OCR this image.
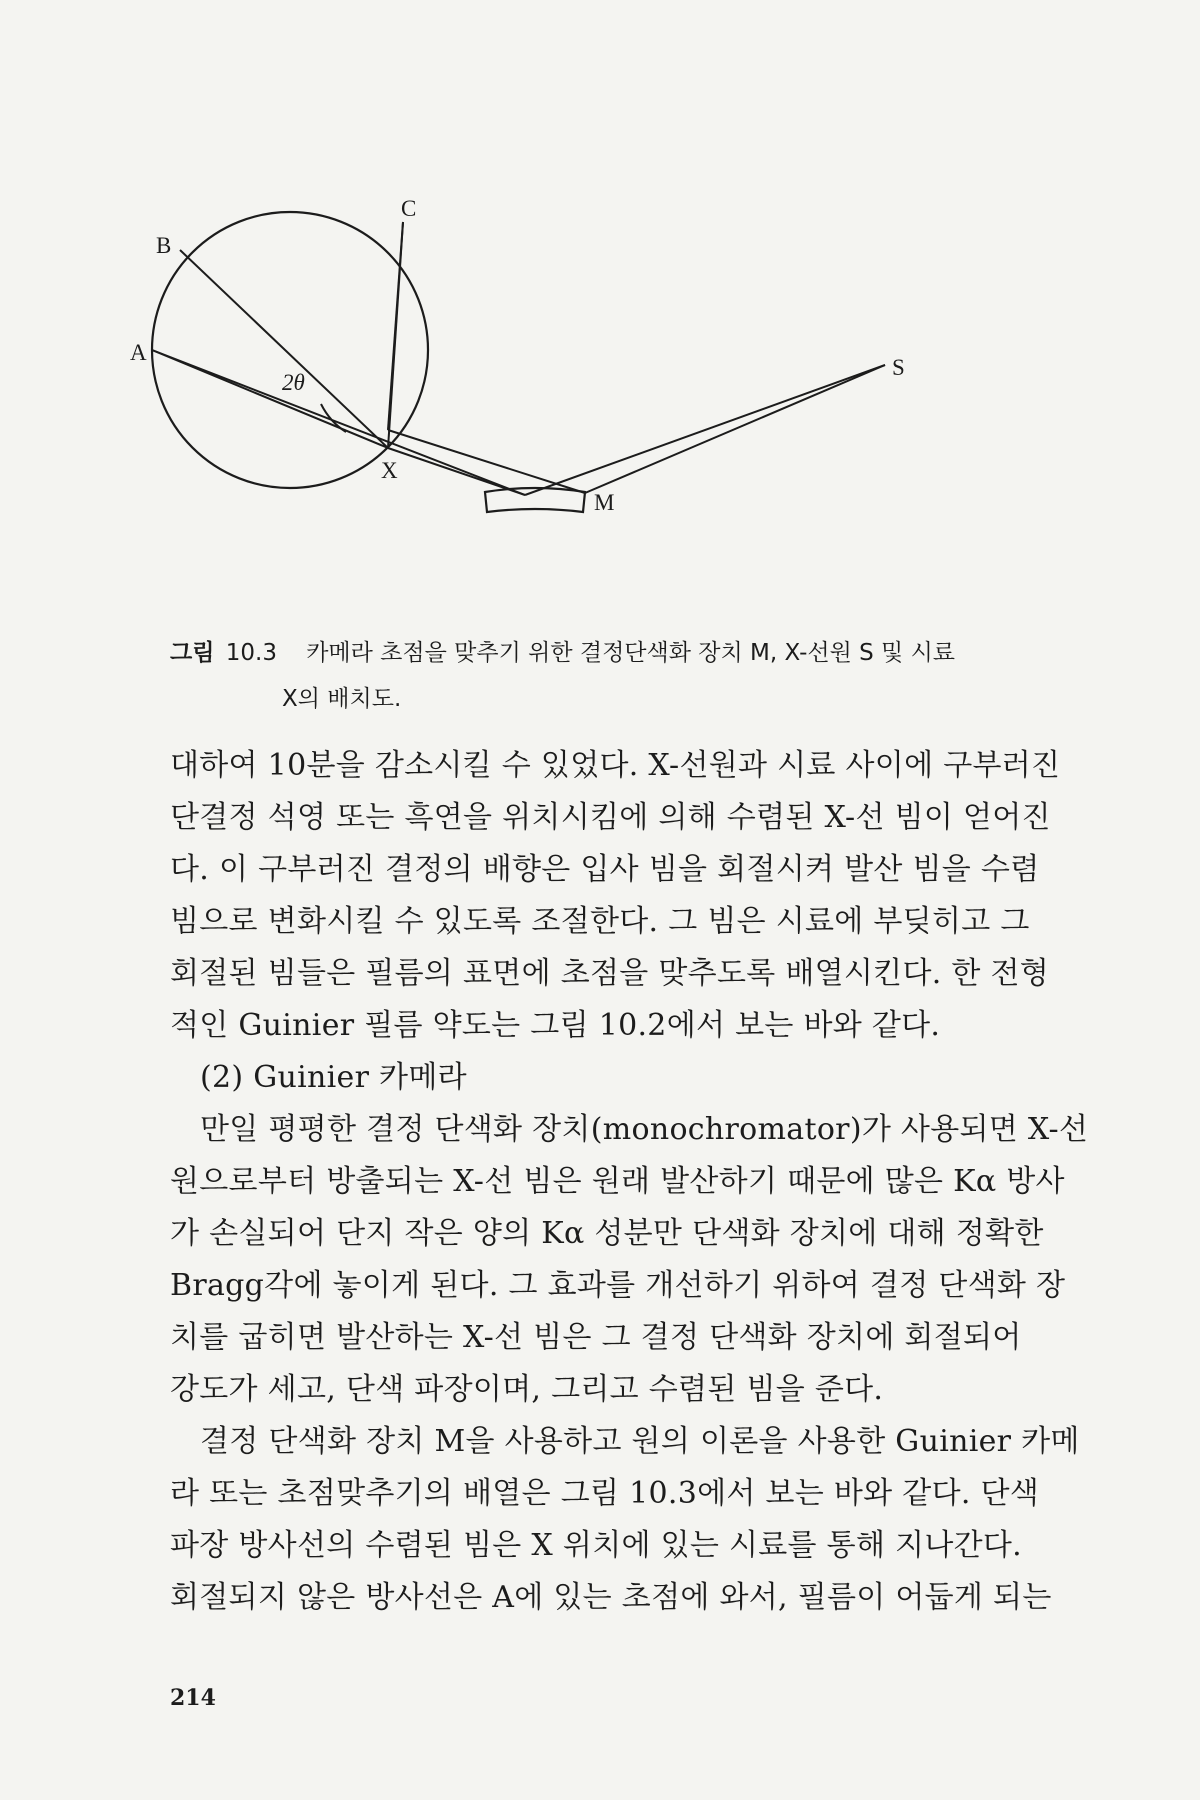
C
B
A
S
2θ
X
M
그림 10.3 카메라 초점을 맞추기 위한 결정단색화 장치 M, X-선원 S 및 시료
X의 배치도.

대하여 10분을 감소시킬 수 있었다. X-선원과 시료 사이에 구부러진
단결정 석영 또는 흑연을 위치시킴에 의해 수렴된 X-선 빔이 얻어진
다. 이 구부러진 결정의 배향은 입사 빔을 회절시켜 발산 빔을 수렴
빔으로 변화시킬 수 있도록 조절한다. 그 빔은 시료에 부딪히고 그
회절된 빔들은 필름의 표면에 초점을 맞추도록 배열시킨다. 한 전형
적인 Guinier 필름 약도는 그림 10.2에서 보는 바와 같다.

(2) Guinier 카메라

만일 평평한 결정 단색화 장치(monochromator)가 사용되면 X-선
원으로부터 방출되는 X-선 빔은 원래 발산하기 때문에 많은 Kα 방사
가 손실되어 단지 작은 양의 Kα 성분만 단색화 장치에 대해 정확한
Bragg각에 놓이게 된다. 그 효과를 개선하기 위하여 결정 단색화 장
치를 굽히면 발산하는 X-선 빔은 그 결정 단색화 장치에 회절되어
강도가 세고, 단색 파장이며, 그리고 수렴된 빔을 준다.

결정 단색화 장치 M을 사용하고 원의 이론을 사용한 Guinier 카메
라 또는 초점맞추기의 배열은 그림 10.3에서 보는 바와 같다. 단색
파장 방사선의 수렴된 빔은 X 위치에 있는 시료를 통해 지나간다.
회절되지 않은 방사선은 A에 있는 초점에 와서, 필름이 어둡게 되는

214
